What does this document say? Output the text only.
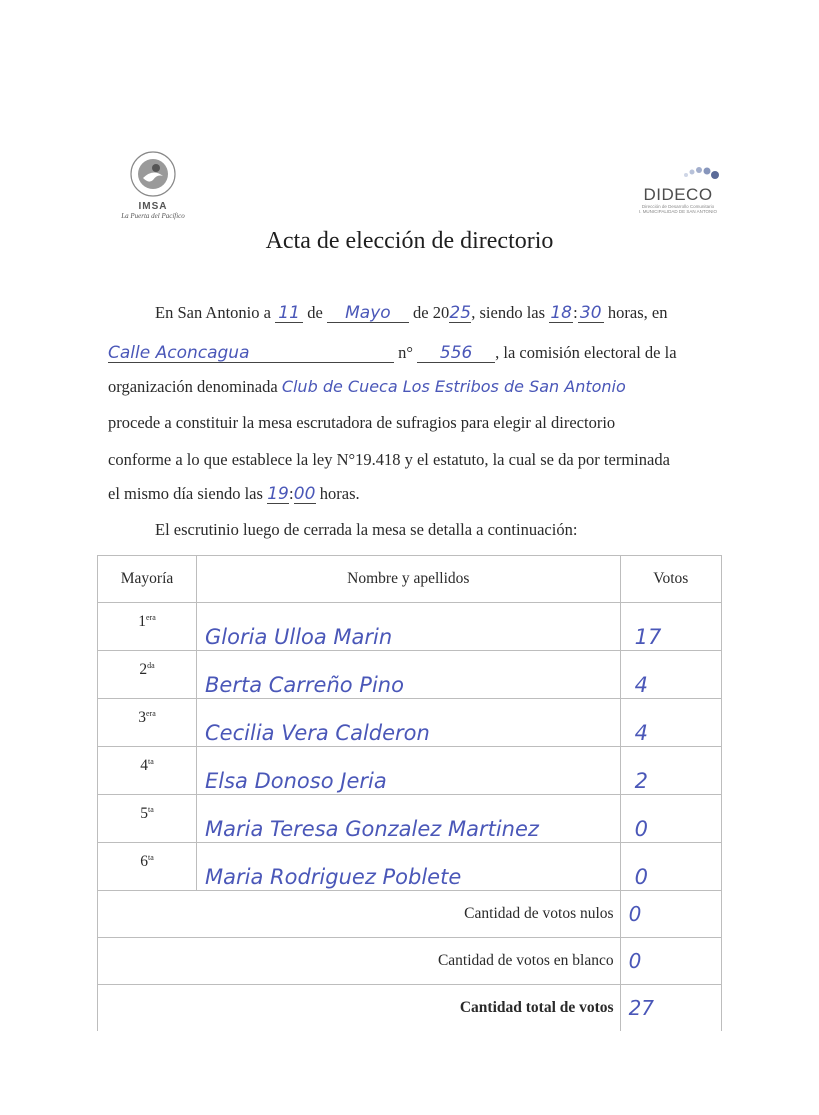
IMSA
La Puerta del Pacífico
DIDECO
Dirección de Desarrollo Comunitario
I. MUNICIPALIDAD DE SAN ANTONIO
Acta de elección de directorio
En San Antonio a 11 de Mayo de 2025, siendo las 18: 30 horas, en
Calle Aconcagua	n° 556 , la comisión electoral de la
organización denominada Club de Cueca Los Estribos de San Antonio
procede a constituir la mesa escrutadora de sufragios para elegir al directorio
conforme a lo que establece la ley N°19.418 y el estatuto, la cual se da por terminada
el mismo día siendo las 19:00 horas.
El escrutinio luego de cerrada la mesa se detalla a continuación:
Mayoría	Nombre y apellidos	Votos
$1^{era}$	Gloria Ulloa Marin	17

$2^{da}$	Berta Carreño Pino	4

$3^{era}$	Cecilia Vera Calderon	4

$4^{ta}$	Elsa Donoso Jeria	2

$5^{ta}$	Maria Teresa Gonzalez Martinez	0

$6^{ta}$	Maria Rodriguez Poblete	0

Cantidad de votos nulos		0
Cantidad de votos en blanco		0
Cantidad total de votos		27
